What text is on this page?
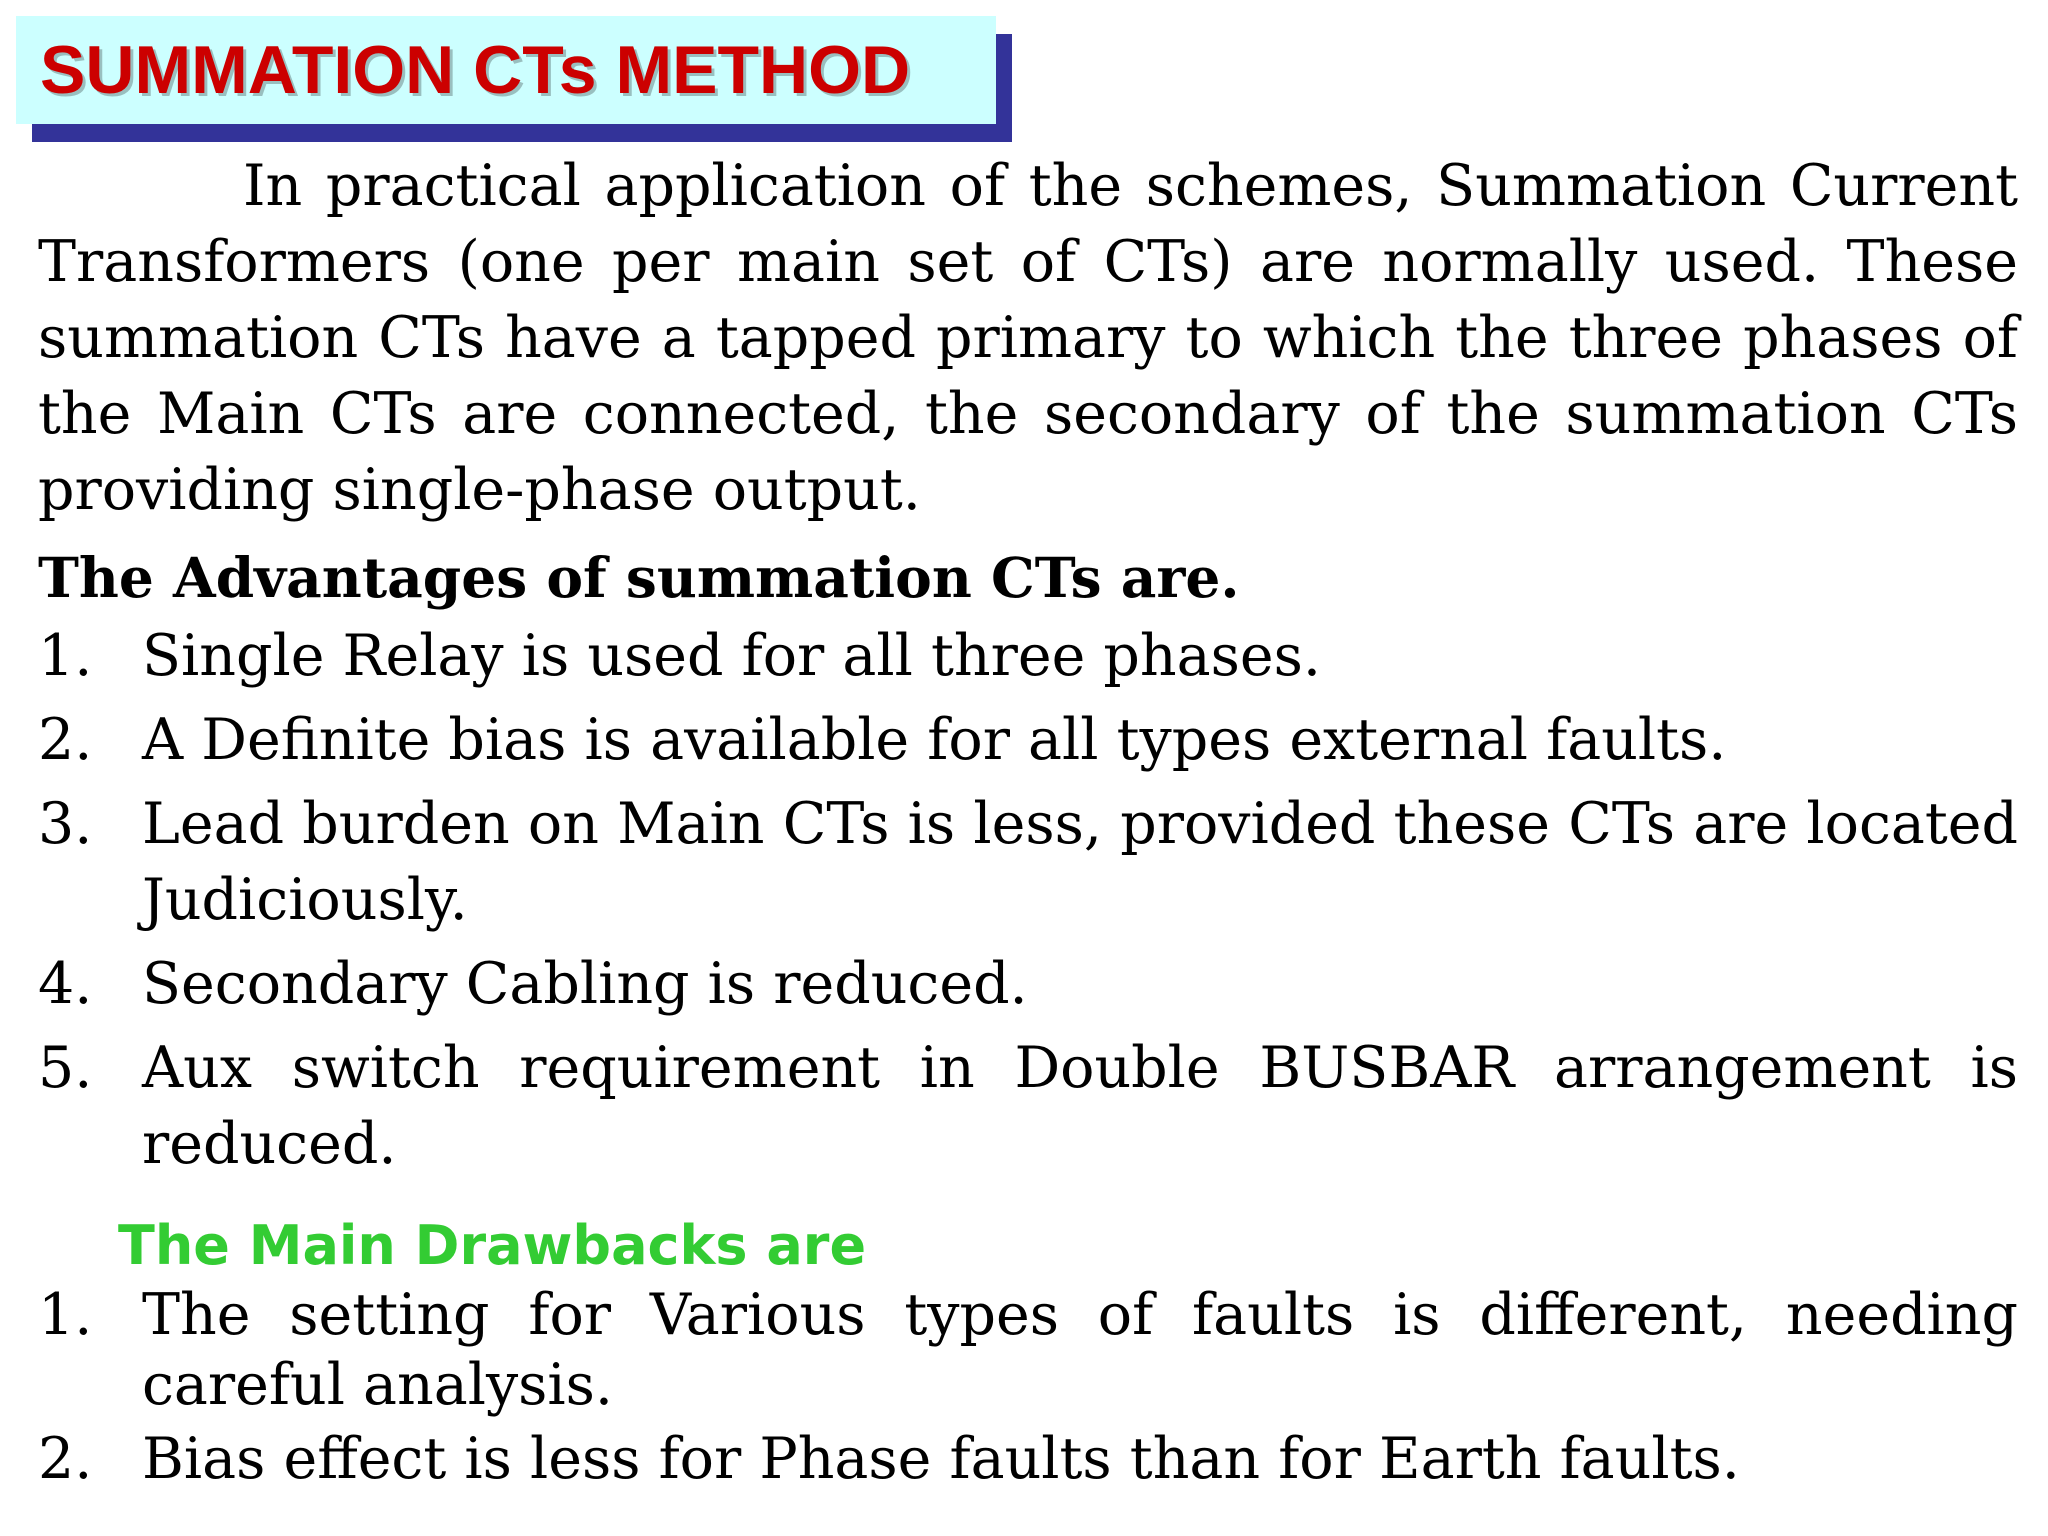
SUMMATION CTs METHOD

In practical application of the schemes, Summation Current Transformers (one per main set of CTs) are normally used. These summation CTs have a tapped primary to which the three phases of the Main CTs are connected, the secondary of the summation CTs providing single-phase output.

The Advantages of summation CTs are.
1. Single Relay is used for all three phases.
2. A Definite bias is available for all types external faults.
3. Lead burden on Main CTs is less, provided these CTs are located Judiciously.
4. Secondary Cabling is reduced.
5. Aux switch requirement in Double BUSBAR arrangement is reduced.
The Main Drawbacks are
1. The setting for Various types of faults is different, needing careful analysis.
2. Bias effect is less for Phase faults than for Earth faults.
